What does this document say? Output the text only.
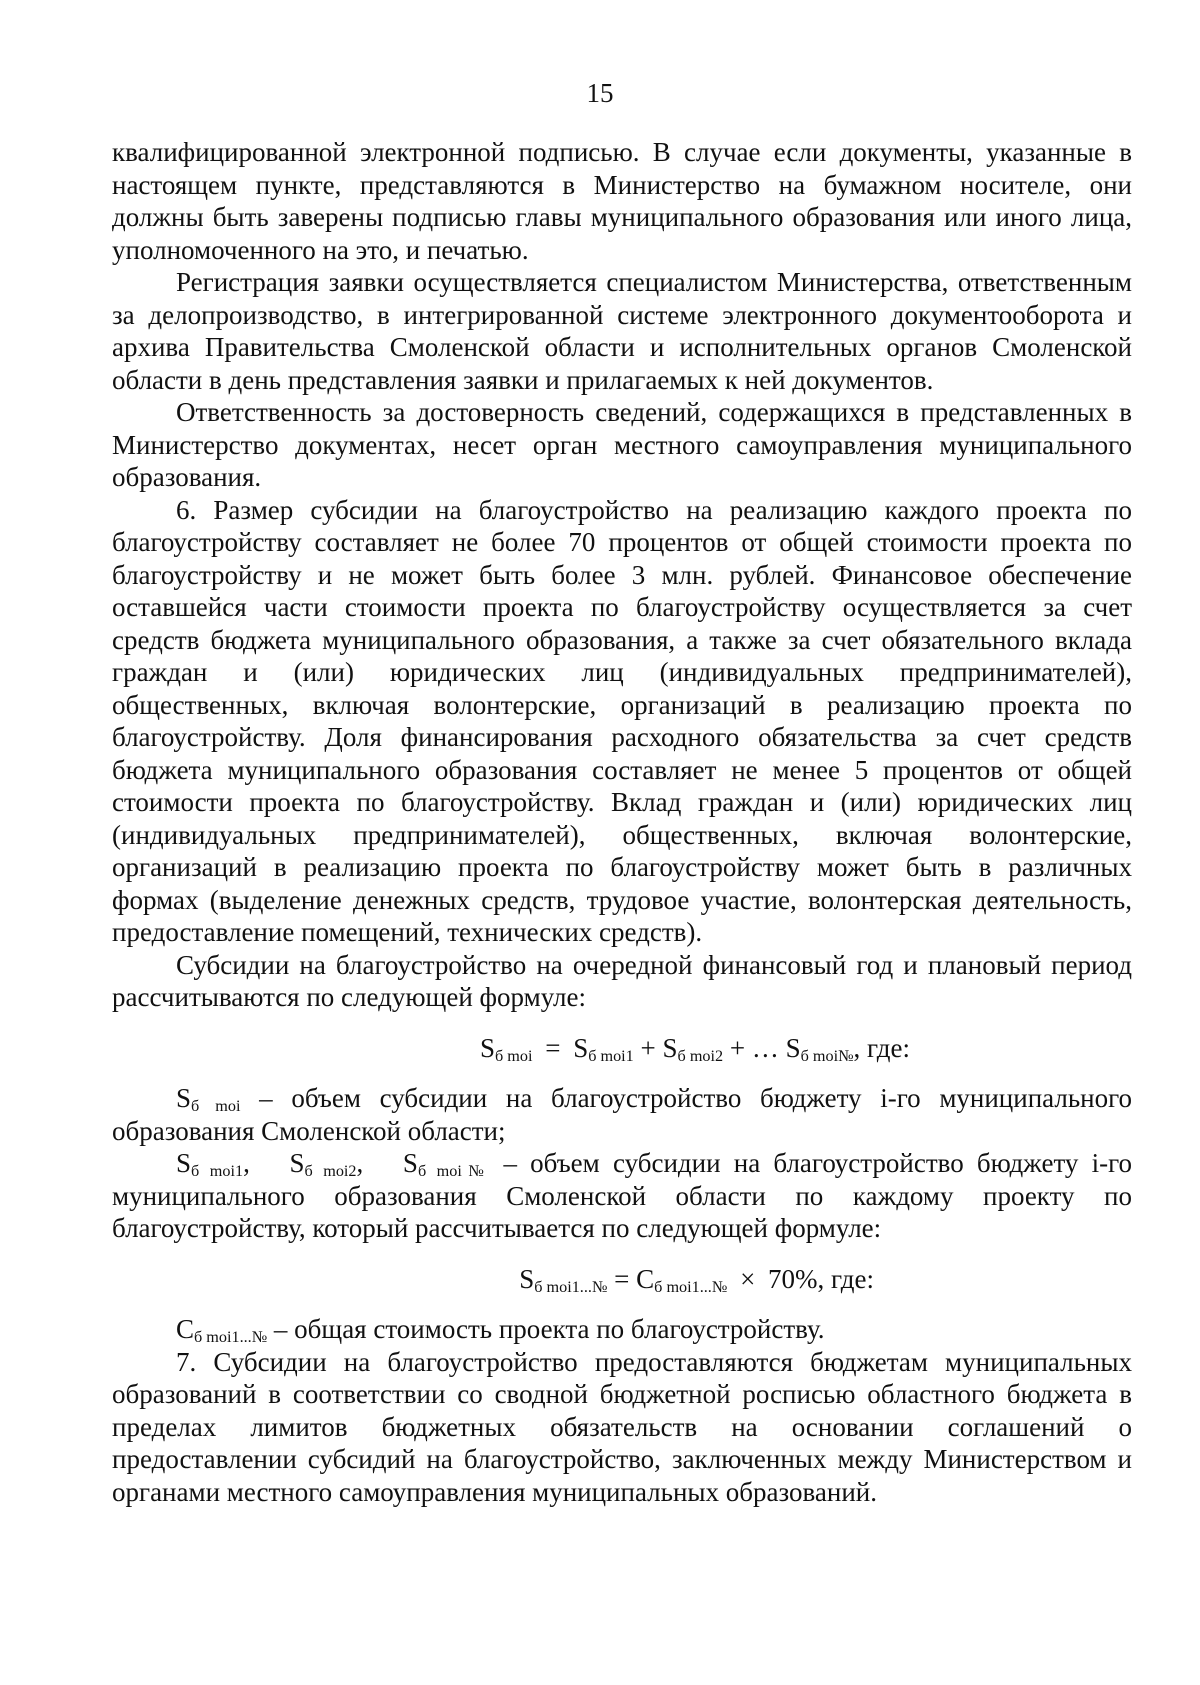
15

квалифицированной электронной подписью. В случае если документы, указанные в настоящем пункте, представляются в Министерство на бумажном носителе, они должны быть заверены подписью главы муниципального образования или иного лица, уполномоченного на это, и печатью.

Регистрация заявки осуществляется специалистом Министерства, ответственным за делопроизводство, в интегрированной системе электронного документооборота и архива Правительства Смоленской области и исполнительных органов Смоленской области в день представления заявки и прилагаемых к ней документов.

Ответственность за достоверность сведений, содержащихся в представленных в Министерство документах, несет орган местного самоуправления муниципального образования.

6. Размер субсидии на благоустройство на реализацию каждого проекта по благоустройству составляет не более 70 процентов от общей стоимости проекта по благоустройству и не может быть более 3 млн. рублей. Финансовое обеспечение оставшейся части стоимости проекта по благоустройству осуществляется за счет средств бюджета муниципального образования, а также за счет обязательного вклада граждан и (или) юридических лиц (индивидуальных предпринимателей), общественных, включая волонтерские, организаций в реализацию проекта по благоустройству. Доля финансирования расходного обязательства за счет средств бюджета муниципального образования составляет не менее 5 процентов от общей стоимости проекта по благоустройству. Вклад граждан и (или) юридических лиц (индивидуальных предпринимателей), общественных, включая волонтерские, организаций в реализацию проекта по благоустройству может быть в различных формах (выделение денежных средств, трудовое участие, волонтерская деятельность, предоставление помещений, технических средств).

Субсидии на благоустройство на очередной финансовый год и плановый период рассчитываются по следующей формуле:

$S_{б moi} = S_{б moi1} + S_{б moi2}$ + … $S_{б moi№}$, где:

$S_{б moi}$ – объем субсидии на благоустройство бюджету i-го муниципального образования Смоленской области;

$S_{б moi1}$, $S_{б moi2}$, $S_{б moi№}$ – объем субсидии на благоустройство бюджету i-го муниципального образования Смоленской области по каждому проекту по благоустройству, который рассчитывается по следующей формуле:

$S_{б moi1...№} = C_{б moi1...№} \times 70\%$, где:

$C_{б moi1...№}$ – общая стоимость проекта по благоустройству.

7. Субсидии на благоустройство предоставляются бюджетам муниципальных образований в соответствии со сводной бюджетной росписью областного бюджета в пределах лимитов бюджетных обязательств на основании соглашений о предоставлении субсидий на благоустройство, заключенных между Министерством и органами местного самоуправления муниципальных образований.
